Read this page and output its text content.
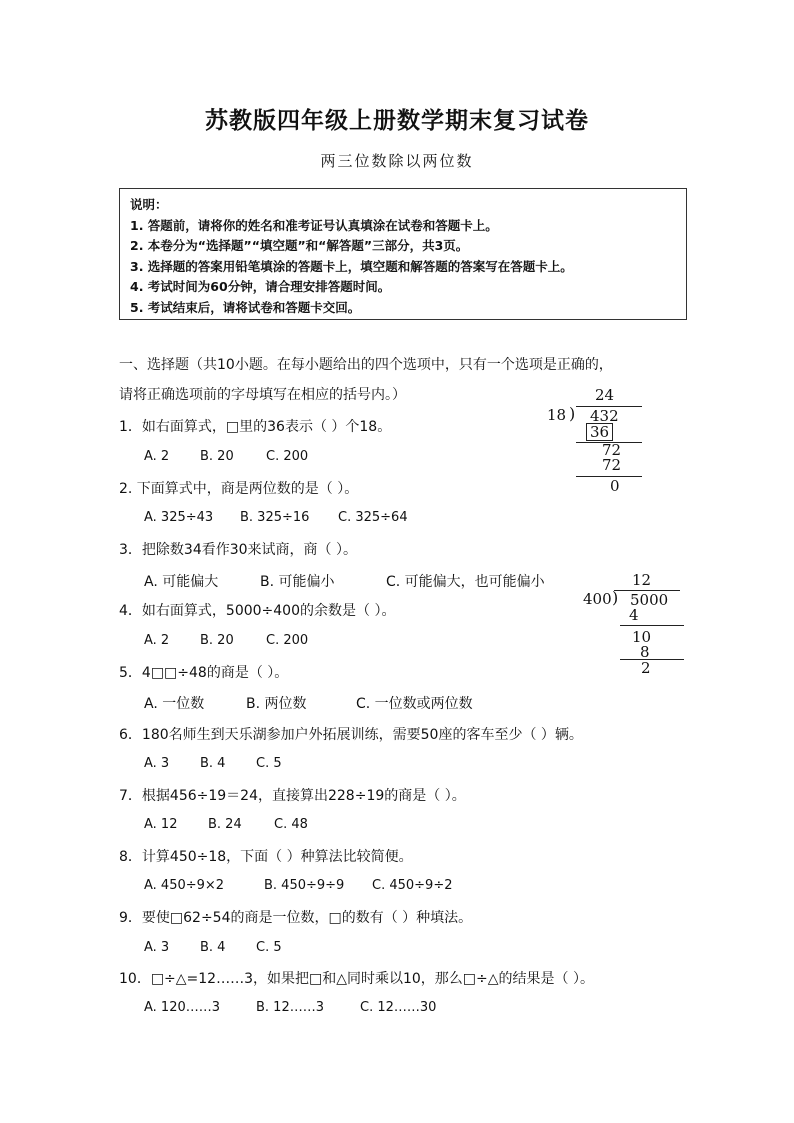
苏教版四年级上册数学期末复习试卷
两三位数除以两位数
说明：
1. 答题前，请将你的姓名和准考证号认真填涂在试卷和答题卡上。
2. 本卷分为“选择题”“填空题”和“解答题”三部分，共3页。
3. 选择题的答案用铅笔填涂的答题卡上，填空题和解答题的答案写在答题卡上。
4. 考试时间为60分钟，请合理安排答题时间。
5. 考试结束后，请将试卷和答题卡交回。
一、选择题（共10小题。在每小题给出的四个选项中，只有一个选项是正确的，
请将正确选项前的字母填写在相应的括号内。）
1．如右面算式，□里的36表示（ ）个18。
A. 2 B. 20 C. 200
2. 下面算式中，商是两位数的是（ ）。
A. 325÷43 B. 325÷16 C. 325÷64
3．把除数34看作30来试商，商（ ）。
A. 可能偏大	B. 可能偏小	C. 可能偏大，也可能偏小
4．如右面算式，5000÷400的余数是（ ）。
A. 2 B. 20 C. 200
5．4□□÷48的商是（ ）。
A. 一位数	B. 两位数	C. 一位数或两位数
6．180名师生到天乐湖参加户外拓展训练，需要50座的客车至少（ ）辆。
A. 3 B. 4 C. 5
7．根据456÷19＝24，直接算出228÷19的商是（ ）。
A. 12 B. 24 C. 48
8．计算450÷18，下面（ ）种算法比较简便。
A. 450÷9×2	B. 450÷9÷9 C. 450÷9÷2
9．要使□62÷54的商是一位数，□的数有（ ）种填法。
A. 3 B. 4 C. 5
10．□÷△=12……3，如果把□和△同时乘以10，那么□÷△的结果是（ ）。
A. 120……3	B. 12……3	C. 12……30
24
18 ) 432
36
72
72
0
12
400 ) 5000
4
10
8
2
